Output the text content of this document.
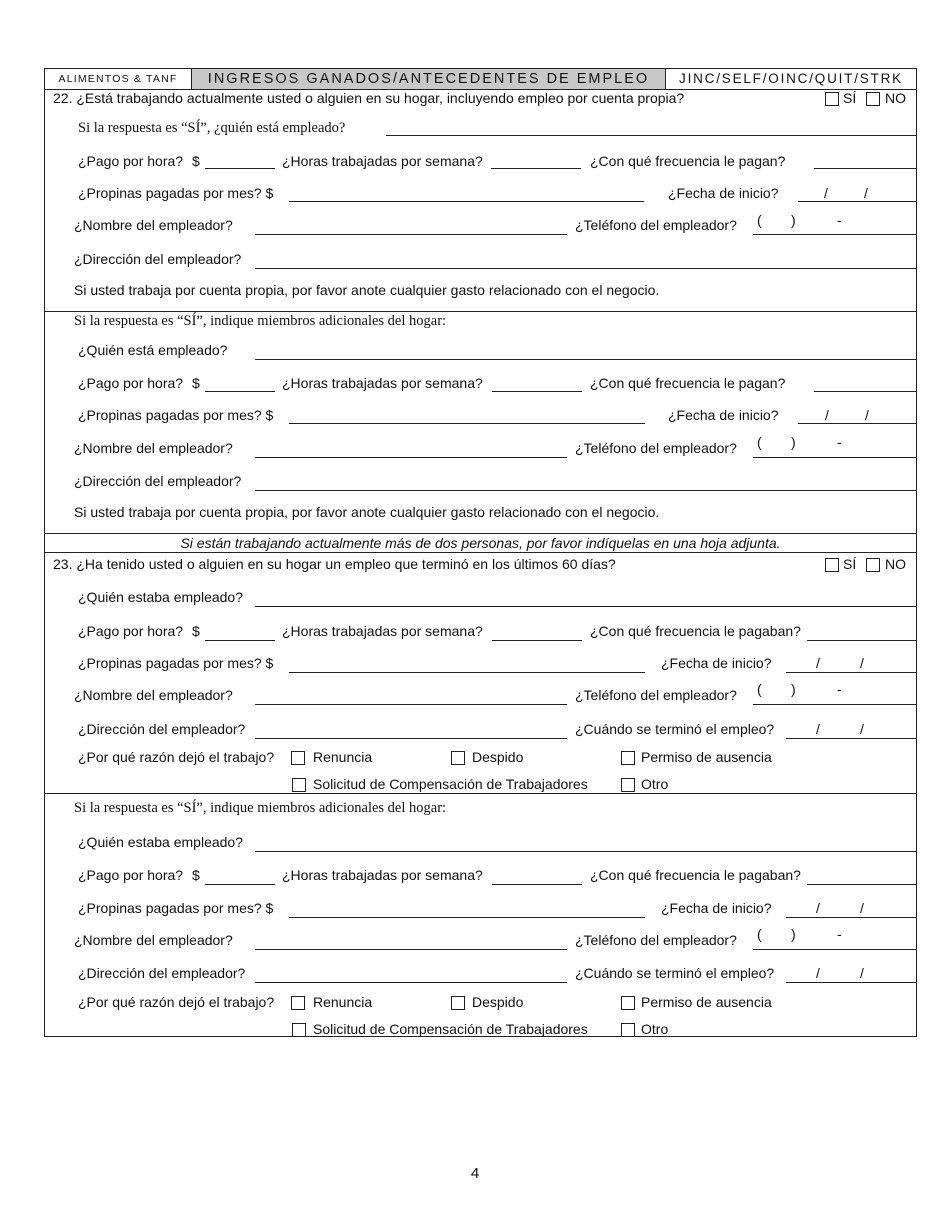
ALIMENTOS & TANF	INGRESOS GANADOS/ANTECEDENTES DE EMPLEO	JINC/SELF/OINC/QUIT/STRK
22. ¿Está trabajando actualmente usted o alguien en su hogar, incluyendo empleo por cuenta propia?	SÍ NO
Si la respuesta es “SÍ”, ¿quién está empleado?
¿Pago por hora? $	¿Horas trabajadas por semana?	¿Con qué frecuencia le pagan?
¿Propinas pagadas por mes? $	¿Fecha de inicio?	/	/
¿Nombre del empleador?	¿Teléfono del empleador? ( )	-
¿Dirección del empleador?
Si usted trabaja por cuenta propia, por favor anote cualquier gasto relacionado con el negocio.
Si la respuesta es “SÍ”, indique miembros adicionales del hogar:
¿Quién está empleado?
¿Pago por hora? $	¿Horas trabajadas por semana?	¿Con qué frecuencia le pagan?
¿Propinas pagadas por mes? $	¿Fecha de inicio?	/	/
¿Nombre del empleador?	¿Teléfono del empleador? ( )	-
¿Dirección del empleador?
Si usted trabaja por cuenta propia, por favor anote cualquier gasto relacionado con el negocio.
Si están trabajando actualmente más de dos personas, por favor indíquelas en una hoja adjunta.
23. ¿Ha tenido usted o alguien en su hogar un empleo que terminó en los últimos 60 días?	SÍ NO
¿Quién estaba empleado?
¿Pago por hora? $	¿Horas trabajadas por semana?	¿Con qué frecuencia le pagaban?
¿Propinas pagadas por mes? $	¿Fecha de inicio?	/	/
¿Nombre del empleador?	¿Teléfono del empleador? ( )	-
¿Dirección del empleador?	¿Cuándo se terminó el empleo?	/	/
¿Por qué razón dejó el trabajo?	Renuncia	Despido	Permiso de ausencia
Solicitud de Compensación de Trabajadores	Otro
Si la respuesta es “SÍ”, indique miembros adicionales del hogar:
¿Quién estaba empleado?
¿Pago por hora? $	¿Horas trabajadas por semana?	¿Con qué frecuencia le pagaban?
¿Propinas pagadas por mes? $	¿Fecha de inicio?	/	/
¿Nombre del empleador?	¿Teléfono del empleador? ( )	-
¿Dirección del empleador?	¿Cuándo se terminó el empleo?	/	/
¿Por qué razón dejó el trabajo?	Renuncia	Despido	Permiso de ausencia
Solicitud de Compensación de Trabajadores	Otro
4
